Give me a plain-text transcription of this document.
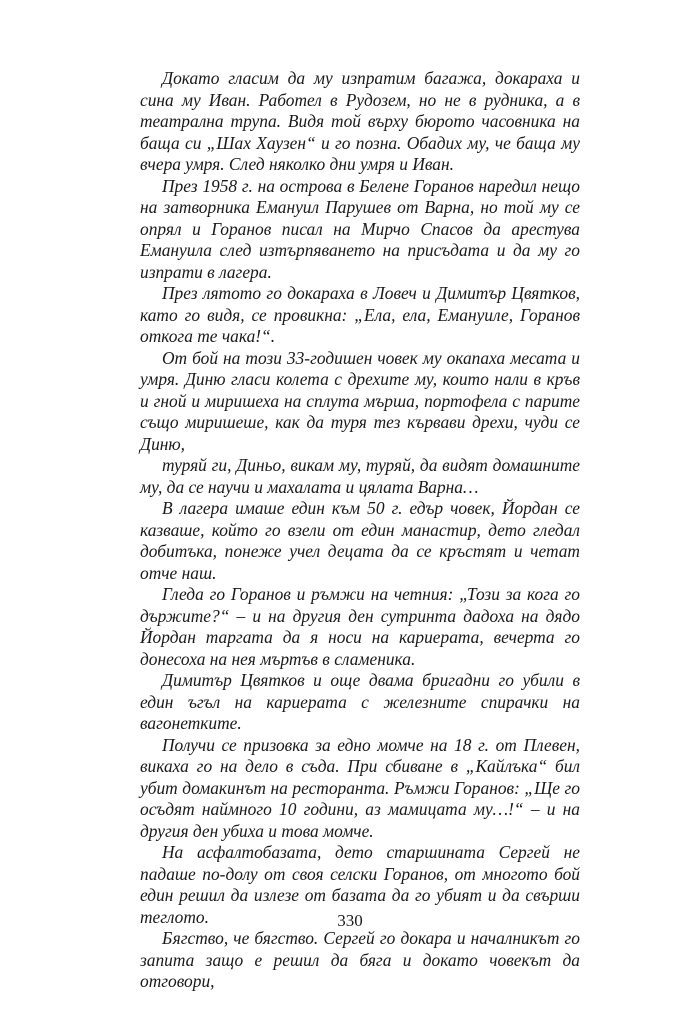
Докато гласим да му изпратим багажа, докараха и сина му Иван. Работел в Рудозем, но не в рудника, а в театрална трупа. Видя той върху бюрото часовника на баща си „Шах Хаузен“ и го позна. Обадих му, че баща му вчера умря. След няколко дни умря и Иван.

През 1958 г. на острова в Белене Горанов наредил нещо на затворника Емануил Парушев от Варна, но той му се опрял и Горанов писал на Мирчо Спасов да арестува Емануила след изтърпяването на присъдата и да му го изпрати в лагера.

През лятото го докараха в Ловеч и Димитър Цвятков, като го видя, се провикна: „Ела, ела, Емануиле, Горанов откога те чака!“.

От бой на този 33-годишен човек му окапаха месата и умря. Диню гласи колета с дрехите му, които нали в кръв и гной и миришеха на сплута мърша, портофела с парите също миришеше, как да туря тез кървави дрехи, чуди се Диню,

туряй ги, Диньо, викам му, туряй, да видят домашните му, да се научи и махалата и цялата Варна…

В лагера имаше един към 50 г. едър човек, Йордан се казваше, който го взели от един манастир, дето гледал добитъка, понеже учел децата да се кръстят и четат отче наш.

Гледа го Горанов и ръмжи на четния: „Този за кога го държите?“ – и на другия ден сутринта дадоха на дядо Йордан таргата да я носи на кариерата, вечерта го донесоха на нея мъртъв в сламеника.

Димитър Цвятков и още двама бригадни го убили в един ъгъл на кариерата с железните спирачки на вагонетките.

Получи се призовка за едно момче на 18 г. от Плевен, викаха го на дело в съда. При сбиване в „Кайлъка“ бил убит домакинът на ресторанта. Ръмжи Горанов: „Ще го осъдят наймного 10 години, аз мамицата му…!“ – и на другия ден убиха и това момче.

На асфалтобазата, дето старшината Сергей не падаше по-долу от своя селски Горанов, от многото бой един решил да излезе от базата да го убият и да свърши теглото.

Бягство, че бягство. Сергей го докара и началникът го запита защо е решил да бяга и докато човекът да отговори,

330
